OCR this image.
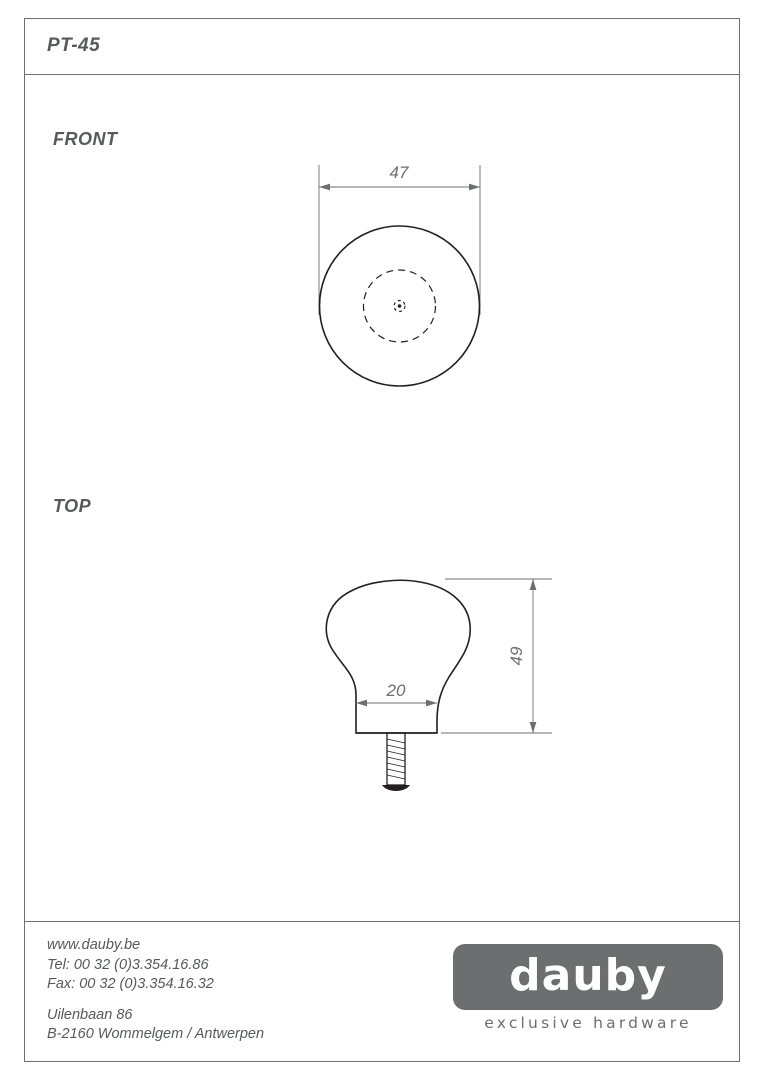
PT-45
FRONT
TOP
47
49
20
www.dauby.be
Tel: 00 32 (0)3.354.16.86
Fax: 00 32 (0)3.354.16.32
Uilenbaan 86
B-2160 Wommelgem / Antwerpen
dauby
exclusive hardware
